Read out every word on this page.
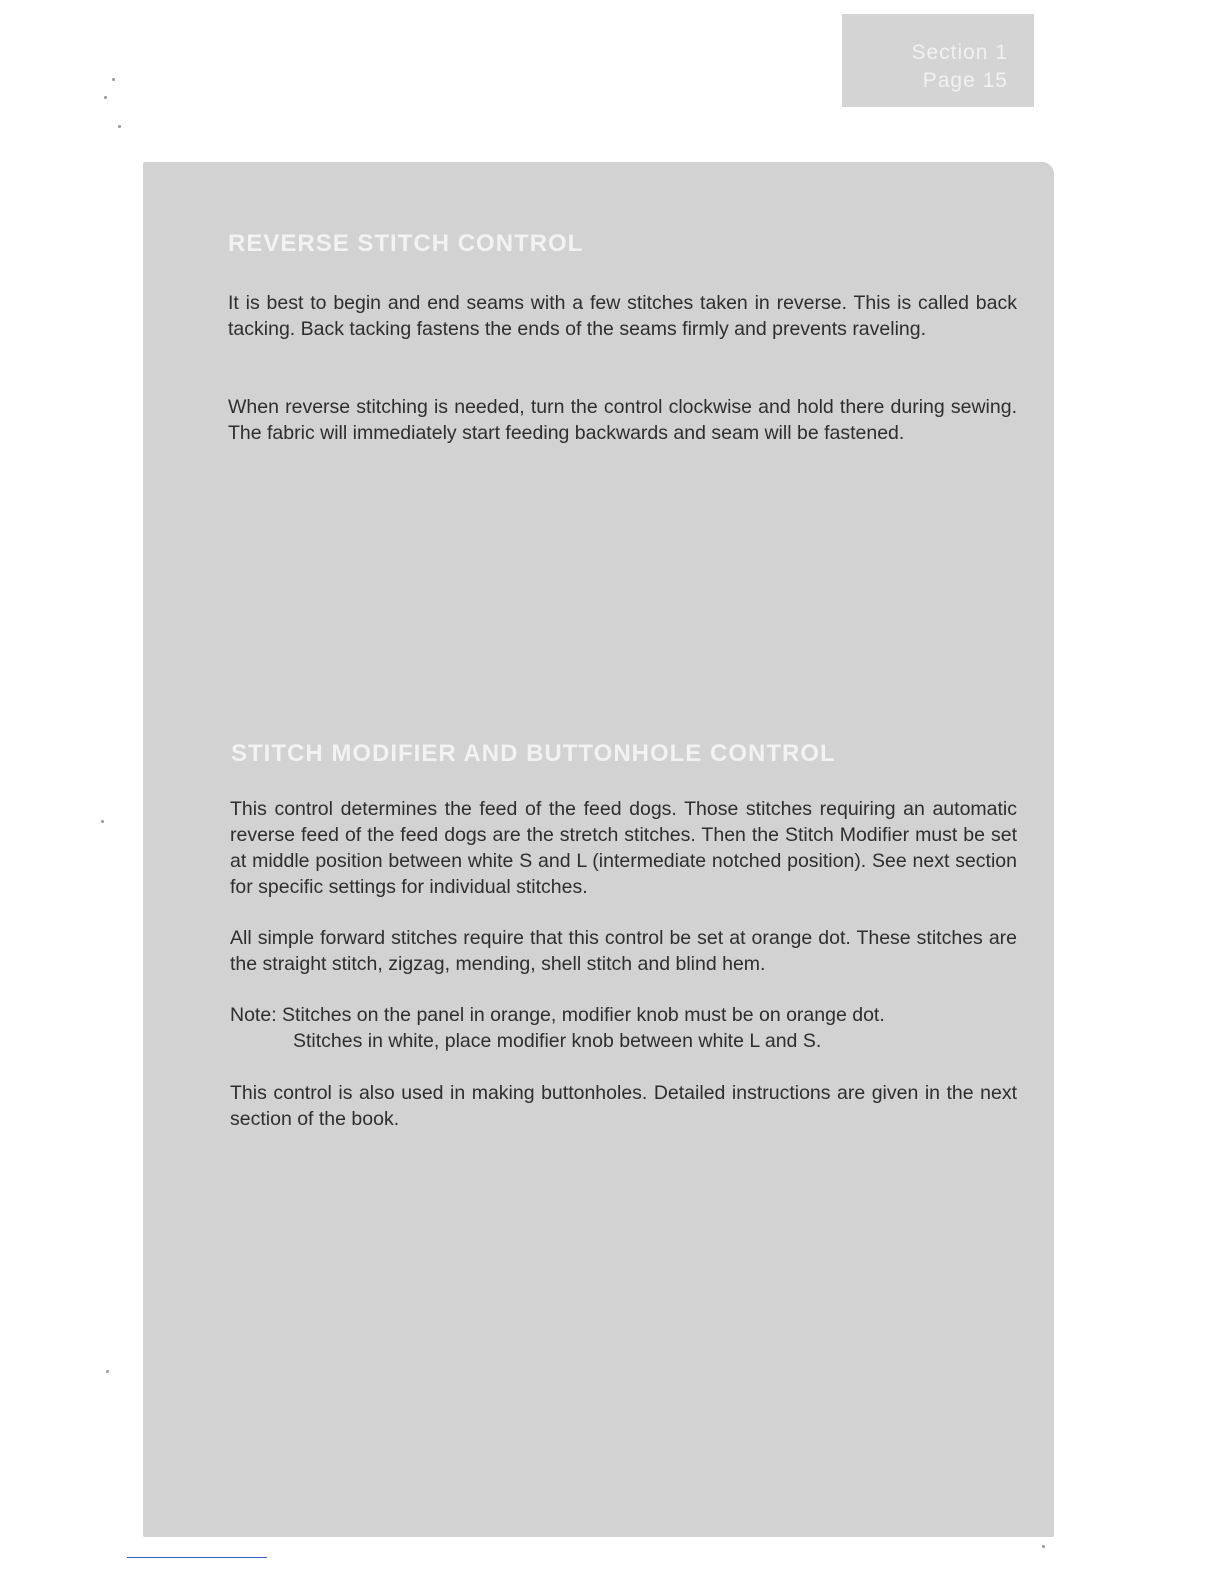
Section 1
Page 15
REVERSE STITCH CONTROL

It is best to begin and end seams with a few stitches taken in reverse. This is called back tacking. Back tacking fastens the ends of the seams firmly and prevents raveling.

When reverse stitching is needed, turn the control clockwise and hold there during sewing. The fabric will immediately start feeding backwards and seam will be fastened.

STITCH MODIFIER AND BUTTONHOLE CONTROL

This control determines the feed of the feed dogs. Those stitches requiring an automatic reverse feed of the feed dogs are the stretch stitches. Then the Stitch Modifier must be set at middle position between white S and L (intermediate notched position). See next section for specific settings for individual stitches.

All simple forward stitches require that this control be set at orange dot. These stitches are the straight stitch, zigzag, mending, shell stitch and blind hem.

Note: Stitches on the panel in orange, modifier knob must be on orange dot.
Stitches in white, place modifier knob between white L and S.

This control is also used in making buttonholes. Detailed instructions are given in the next section of the book.
